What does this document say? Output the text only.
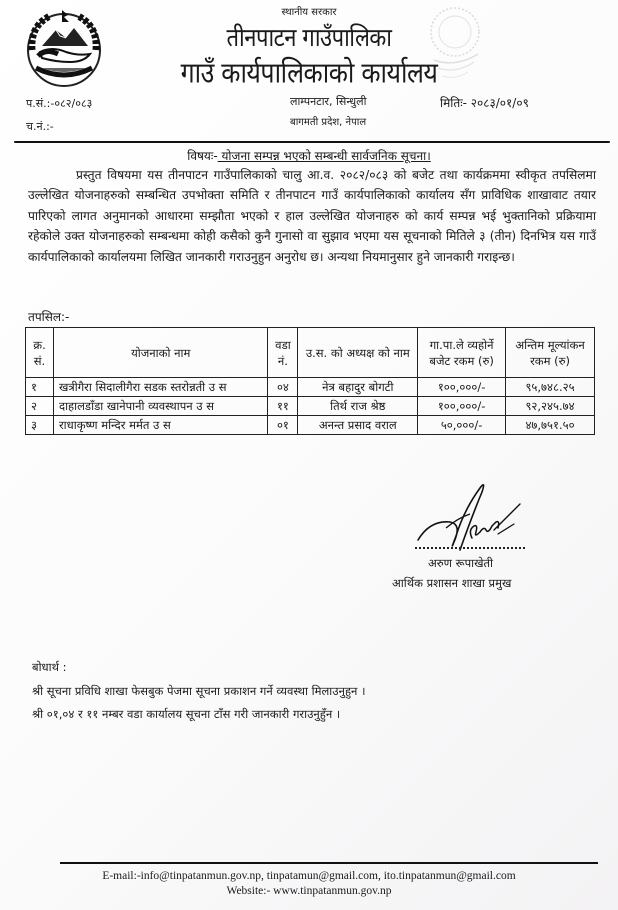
स्थानीय सरकार
तीनपाटन गाउँपालिका
गाउँ कार्यपालिकाको कार्यालय
प.सं.:-०८२/०८३
च.नं.:-
लाम्पनटार, सिन्धुली
बागमती प्रदेश, नेपाल
मितिः- २०८३/०१/०९
विषयः- योजना सम्पन्न भएको सम्बन्धी सार्वजनिक सूचना।
प्रस्तुत विषयमा यस तीनपाटन गाउँपालिकाको चालु आ.व. २०८२/०८३ को बजेट तथा कार्यक्रममा स्वीकृत तपसिलमा उल्लेखित योजनाहरुको सम्बन्धित उपभोक्ता समिति र तीनपाटन गाउँ कार्यपालिकाको कार्यालय सँग प्राविधिक शाखावाट तयार पारिएको लागत अनुमानको आधारमा सम्झौता भएको र हाल उल्लेखित योजनाहरु को कार्य सम्पन्न भई भुक्तानिको प्रक्रियामा रहेकोले उक्त योजनाहरुको सम्बन्धमा कोही कसैको कुनै गुनासो वा सुझाव भएमा यस सूचनाको मितिले ३ (तीन) दिनभित्र यस गाउँ कार्यपालिकाको कार्यालयमा लिखित जानकारी गराउनुहुन अनुरोध छ। अन्यथा नियमानुसार हुने जानकारी गराइन्छ।
तपसिल:-
क्र. सं.	योजनाको नाम	वडा नं.	उ.स. को अध्यक्ष को नाम	गा.पा.ले व्यहोर्ने बजेट रकम (रु)	अन्तिम मूल्यांकन रकम (रु)
१	खत्रीगैरा सिदालीगैरा सडक स्तरोन्नती उ स	०४	नेत्र बहादुर बोगटी	१००,०००/-	९५,७४८.२५
२	दाहालडाँडा खानेपानी व्यवस्थापन उ स	११	तिर्थ राज श्रेष्ठ	१००,०००/-	९२,२४५.७४
३	राधाकृष्ण मन्दिर मर्मत उ स	०१	अनन्त प्रसाद वराल	५०,०००/-	४७,७५१.५०
अरुण रूपाखेती
आर्थिक प्रशासन शाखा प्रमुख
बोधार्थ :
श्री सूचना प्रविधि शाखा फेसबुक पेजमा सूचना प्रकाशन गर्ने व्यवस्था मिलाउनुहुन ।
श्री ०१,०४ र ११ नम्बर वडा कार्यालय सूचना टाँस गरी जानकारी गराउनुहुँन ।
E-mail:-info@tinpatanmun.gov.np, tinpatamun@gmail.com, ito.tinpatanmun@gmail.com
Website:- www.tinpatanmun.gov.np
